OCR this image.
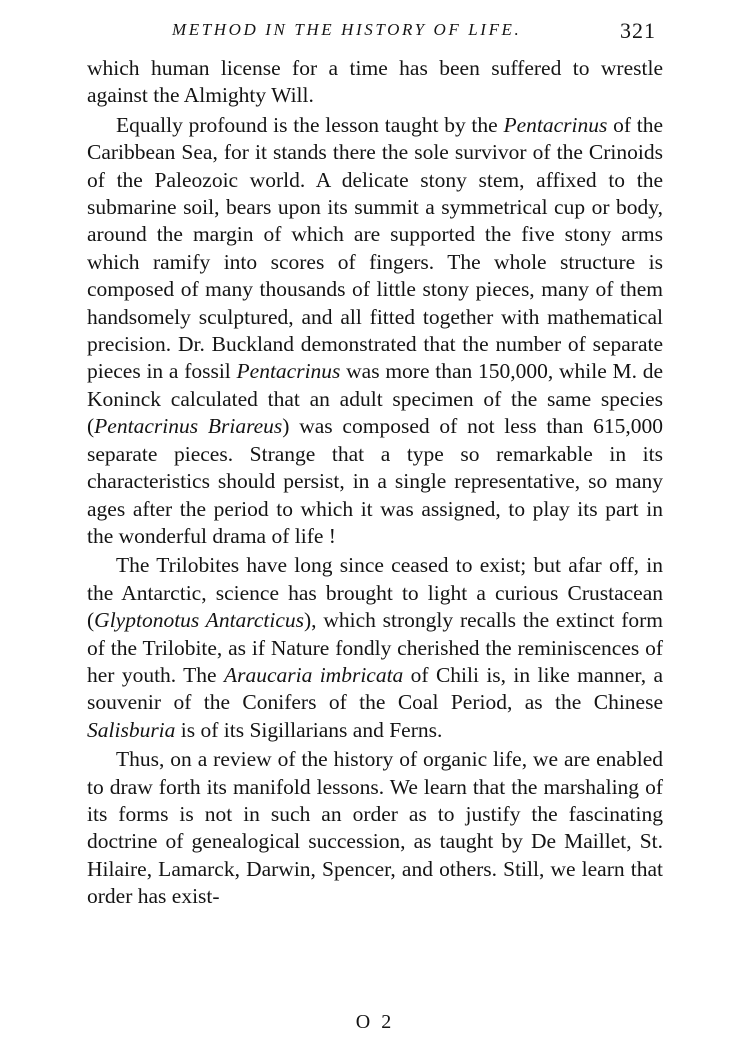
METHOD IN THE HISTORY OF LIFE.	321

which human license for a time has been suffered to wrestle against the Almighty Will.

Equally profound is the lesson taught by the Pentacrinus of the Caribbean Sea, for it stands there the sole survivor of the Crinoids of the Paleozoic world. A delicate stony stem, affixed to the submarine soil, bears upon its summit a symmetrical cup or body, around the margin of which are supported the five stony arms which ramify into scores of fingers. The whole structure is composed of many thousands of little stony pieces, many of them handsomely sculptured, and all fitted together with mathematical precision. Dr. Buckland demonstrated that the number of separate pieces in a fossil Pentacrinus was more than 150,000, while M. de Koninck calculated that an adult specimen of the same species (Pentacrinus Briareus) was composed of not less than 615,000 separate pieces. Strange that a type so remarkable in its characteristics should persist, in a single representative, so many ages after the period to which it was assigned, to play its part in the wonderful drama of life !

The Trilobites have long since ceased to exist; but afar off, in the Antarctic, science has brought to light a curious Crustacean (Glyptonotus Antarcticus), which strongly recalls the extinct form of the Trilobite, as if Nature fondly cherished the reminiscences of her youth. The Araucaria imbricata of Chili is, in like manner, a souvenir of the Conifers of the Coal Period, as the Chinese Salisburia is of its Sigillarians and Ferns.

Thus, on a review of the history of organic life, we are enabled to draw forth its manifold lessons. We learn that the marshaling of its forms is not in such an order as to justify the fascinating doctrine of genealogical succession, as taught by De Maillet, St. Hilaire, Lamarck, Darwin, Spencer, and others. Still, we learn that order has exist-

O 2
